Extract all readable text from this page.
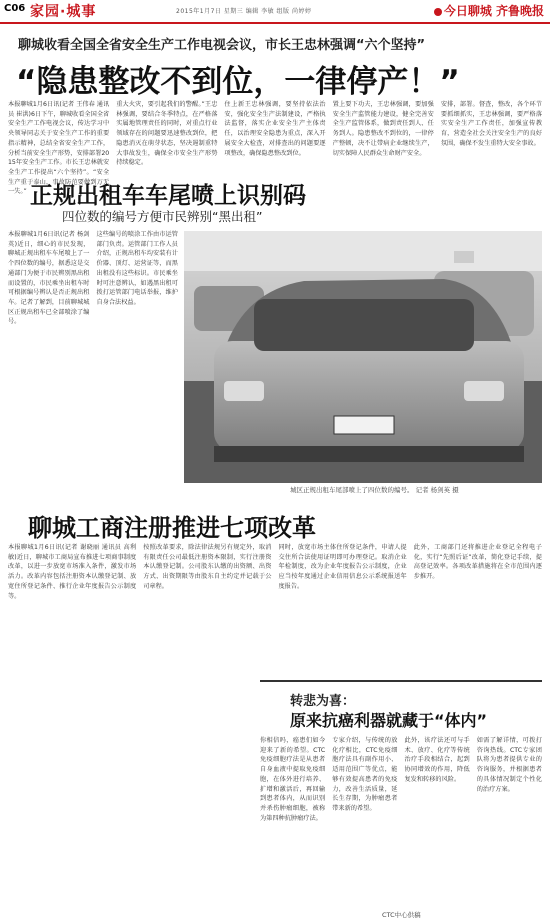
C06 家园·城事	2015年1月7日 星期三 编辑 李敏 组版 尚婷婷	今日聊城 齐鲁晚报
聊城收看全国全省安全生产工作电视会议，市长王忠林强调“六个坚持”
“隐患整改不到位，一律停产！”
本报聊城1月6日讯(记者 王伟春 通讯员 崔洪)6日下午，聊城收看全国全省安全生产工作电视会议，传达学习中央领导同志关于安全生产工作的重要指示精神，总结全省安全生产工作，分析当前安全生产形势，安排部署2015年安全生产工作。市长王忠林就安全生产工作提出“六个坚持”。“安全生产重于泰山，事故防范要做到万无一失。”
重大火灾，要引起我们的警醒。”王忠林强调，要结合冬季特点，在严格落实属地管理责任的同时，对重点行业领域存在的问题要迅速整改到位，把隐患消灭在萌芽状态，坚决遏制重特大事故发生，确保全市安全生产形势持续稳定。
住上新王忠林强调，要坚持依法治安，强化安全生产法制建设，严格执法监督，落实企业安全生产主体责任，以治理安全隐患为重点，深入开展安全大检查，对排查出的问题要逐项整改，确保隐患整改到位。
置上要下功夫，王忠林强调，要加强安全生产监管能力建设，健全完善安全生产监管体系，做到责任到人、任务到人。隐患整改不到位的，一律停产整顿，决不让带病企业继续生产，切实保障人民群众生命财产安全。
安排，部署。督查，整改，各个环节要抓细抓实，王忠林强调，要严格落实安全生产工作责任，加强宣传教育，营造全社会关注安全生产的良好氛围，确保不发生重特大安全事故。
正规出租车车尾喷上识别码
四位数的编号方便市民辨别“黑出租”
本报聊城1月6日讯(记者 杨剑英)近日，细心的市民发现，聊城正规出租车车尾喷上了一个四位数的编号，据悉这是交通部门为便于市民辨别黑出租而设置的，市民乘坐出租车时可根据编号辨认是否正规出租车。记者了解到，目前聊城城区正规出租车已全部喷涂了编号。
这些编号的喷涂工作由市运管部门负责。运管部门工作人员介绍，正规出租车均安装有计价器、顶灯、运营证等，而黑出租没有这些标识。市民乘坐时可注意辨认，如遇黑出租可拨打运管部门电话举报，维护自身合法权益。
城区正规出租车尾部喷上了四位数的编号。 记者 杨剑英 摄
聊城工商注册推进七项改革
本报聊城1月6日讯(记者 谢晓丽 通讯员 高利敏)近日，聊城市工商局宣布推进七项商事制度改革，以进一步放宽市场准入条件，激发市场活力。改革内容包括注册资本认缴登记制、放宽住所登记条件、推行企业年度报告公示制度等。
按照改革要求，除法律法规另有规定外，取消有限责任公司最低注册资本限制，实行注册资本认缴登记制。公司股东认缴的出资额、出资方式、出资期限等由股东自主约定并记载于公司章程。
同时，放宽市场主体住所登记条件，申请人提交住所合法使用证明即可办理登记。取消企业年检制度，改为企业年度报告公示制度，企业应当按年度通过企业信用信息公示系统报送年度报告。
此外，工商部门还将推进企业登记全程电子化，实行“先照后证”改革，简化登记手续，提高登记效率。各项改革措施将在全市范围内逐步推开。
转悲为喜：
原来抗癌利器就藏于“体内”
你相信吗，癌患们如今迎来了新的希望。CTC免疫细胞疗法是从患者自身血液中提取免疫细胞，在体外进行培养、扩增和激活后，再回输到患者体内，从而识别并杀伤肿瘤细胞，被称为第四种抗肿瘤疗法。
专家介绍，与传统的放化疗相比，CTC免疫细胞疗法具有副作用小、适用范围广等优点，能够有效提高患者的免疫力，改善生活质量，延长生存期，为肿瘤患者带来新的希望。
此外，该疗法还可与手术、放疗、化疗等传统治疗手段相结合，起到协同增效的作用，降低复发和转移的风险。
如需了解详情，可拨打咨询热线。CTC专家团队将为患者提供专业的咨询服务，并根据患者的具体情况制定个性化的治疗方案。
CTC中心供稿
